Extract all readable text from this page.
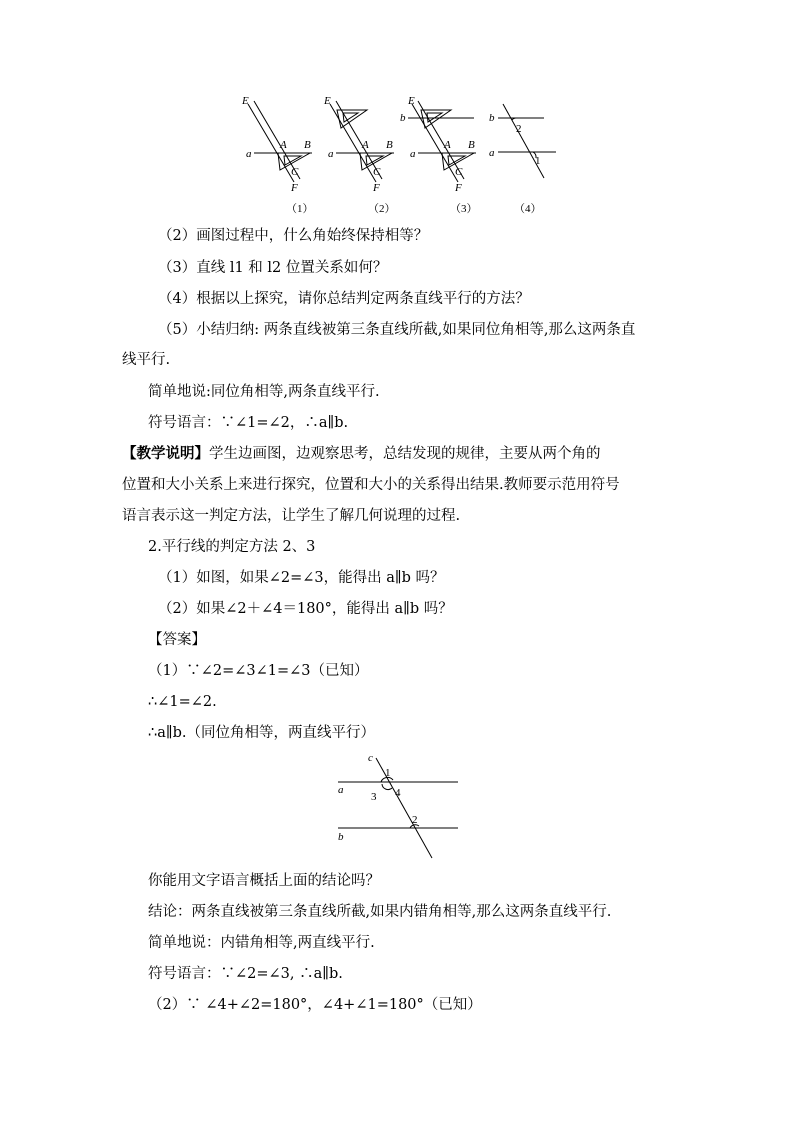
E
a
A B
C
F
（1）
E
a
A B
C
F
（2）
E
b
a
A B
C
F
（3）
b
a
2
1
（4）
（2）画图过程中，什么角始终保持相等？
（3）直线 l1 和 l2 位置关系如何？
（4）根据以上探究，请你总结判定两条直线平行的方法？
（5）小结归纳: 两条直线被第三条直线所截,如果同位角相等,那么这两条直
线平行.
简单地说:同位角相等,两条直线平行.
符号语言：∵∠1=∠2，∴a∥b.
【教学说明】学生边画图，边观察思考，总结发现的规律，主要从两个角的
位置和大小关系上来进行探究，位置和大小的关系得出结果.教师要示范用符号
语言表示这一判定方法，让学生了解几何说理的过程.
2.平行线的判定方法 2、3
（1）如图，如果∠2=∠3，能得出 a∥b 吗？
（2）如果∠2＋∠4＝180°，能得出 a∥b 吗？
【答案】
（1）∵∠2=∠3∠1=∠3（已知）
∴∠1=∠2.
∴a∥b.（同位角相等，两直线平行）
c
1
a
3 4
2
b
你能用文字语言概括上面的结论吗？
结论：两条直线被第三条直线所截,如果内错角相等,那么这两条直线平行.
简单地说：内错角相等,两直线平行.
符号语言：∵∠2=∠3, ∴a∥b.
（2）∵ ∠4+∠2=180°，∠4+∠1=180°（已知）
